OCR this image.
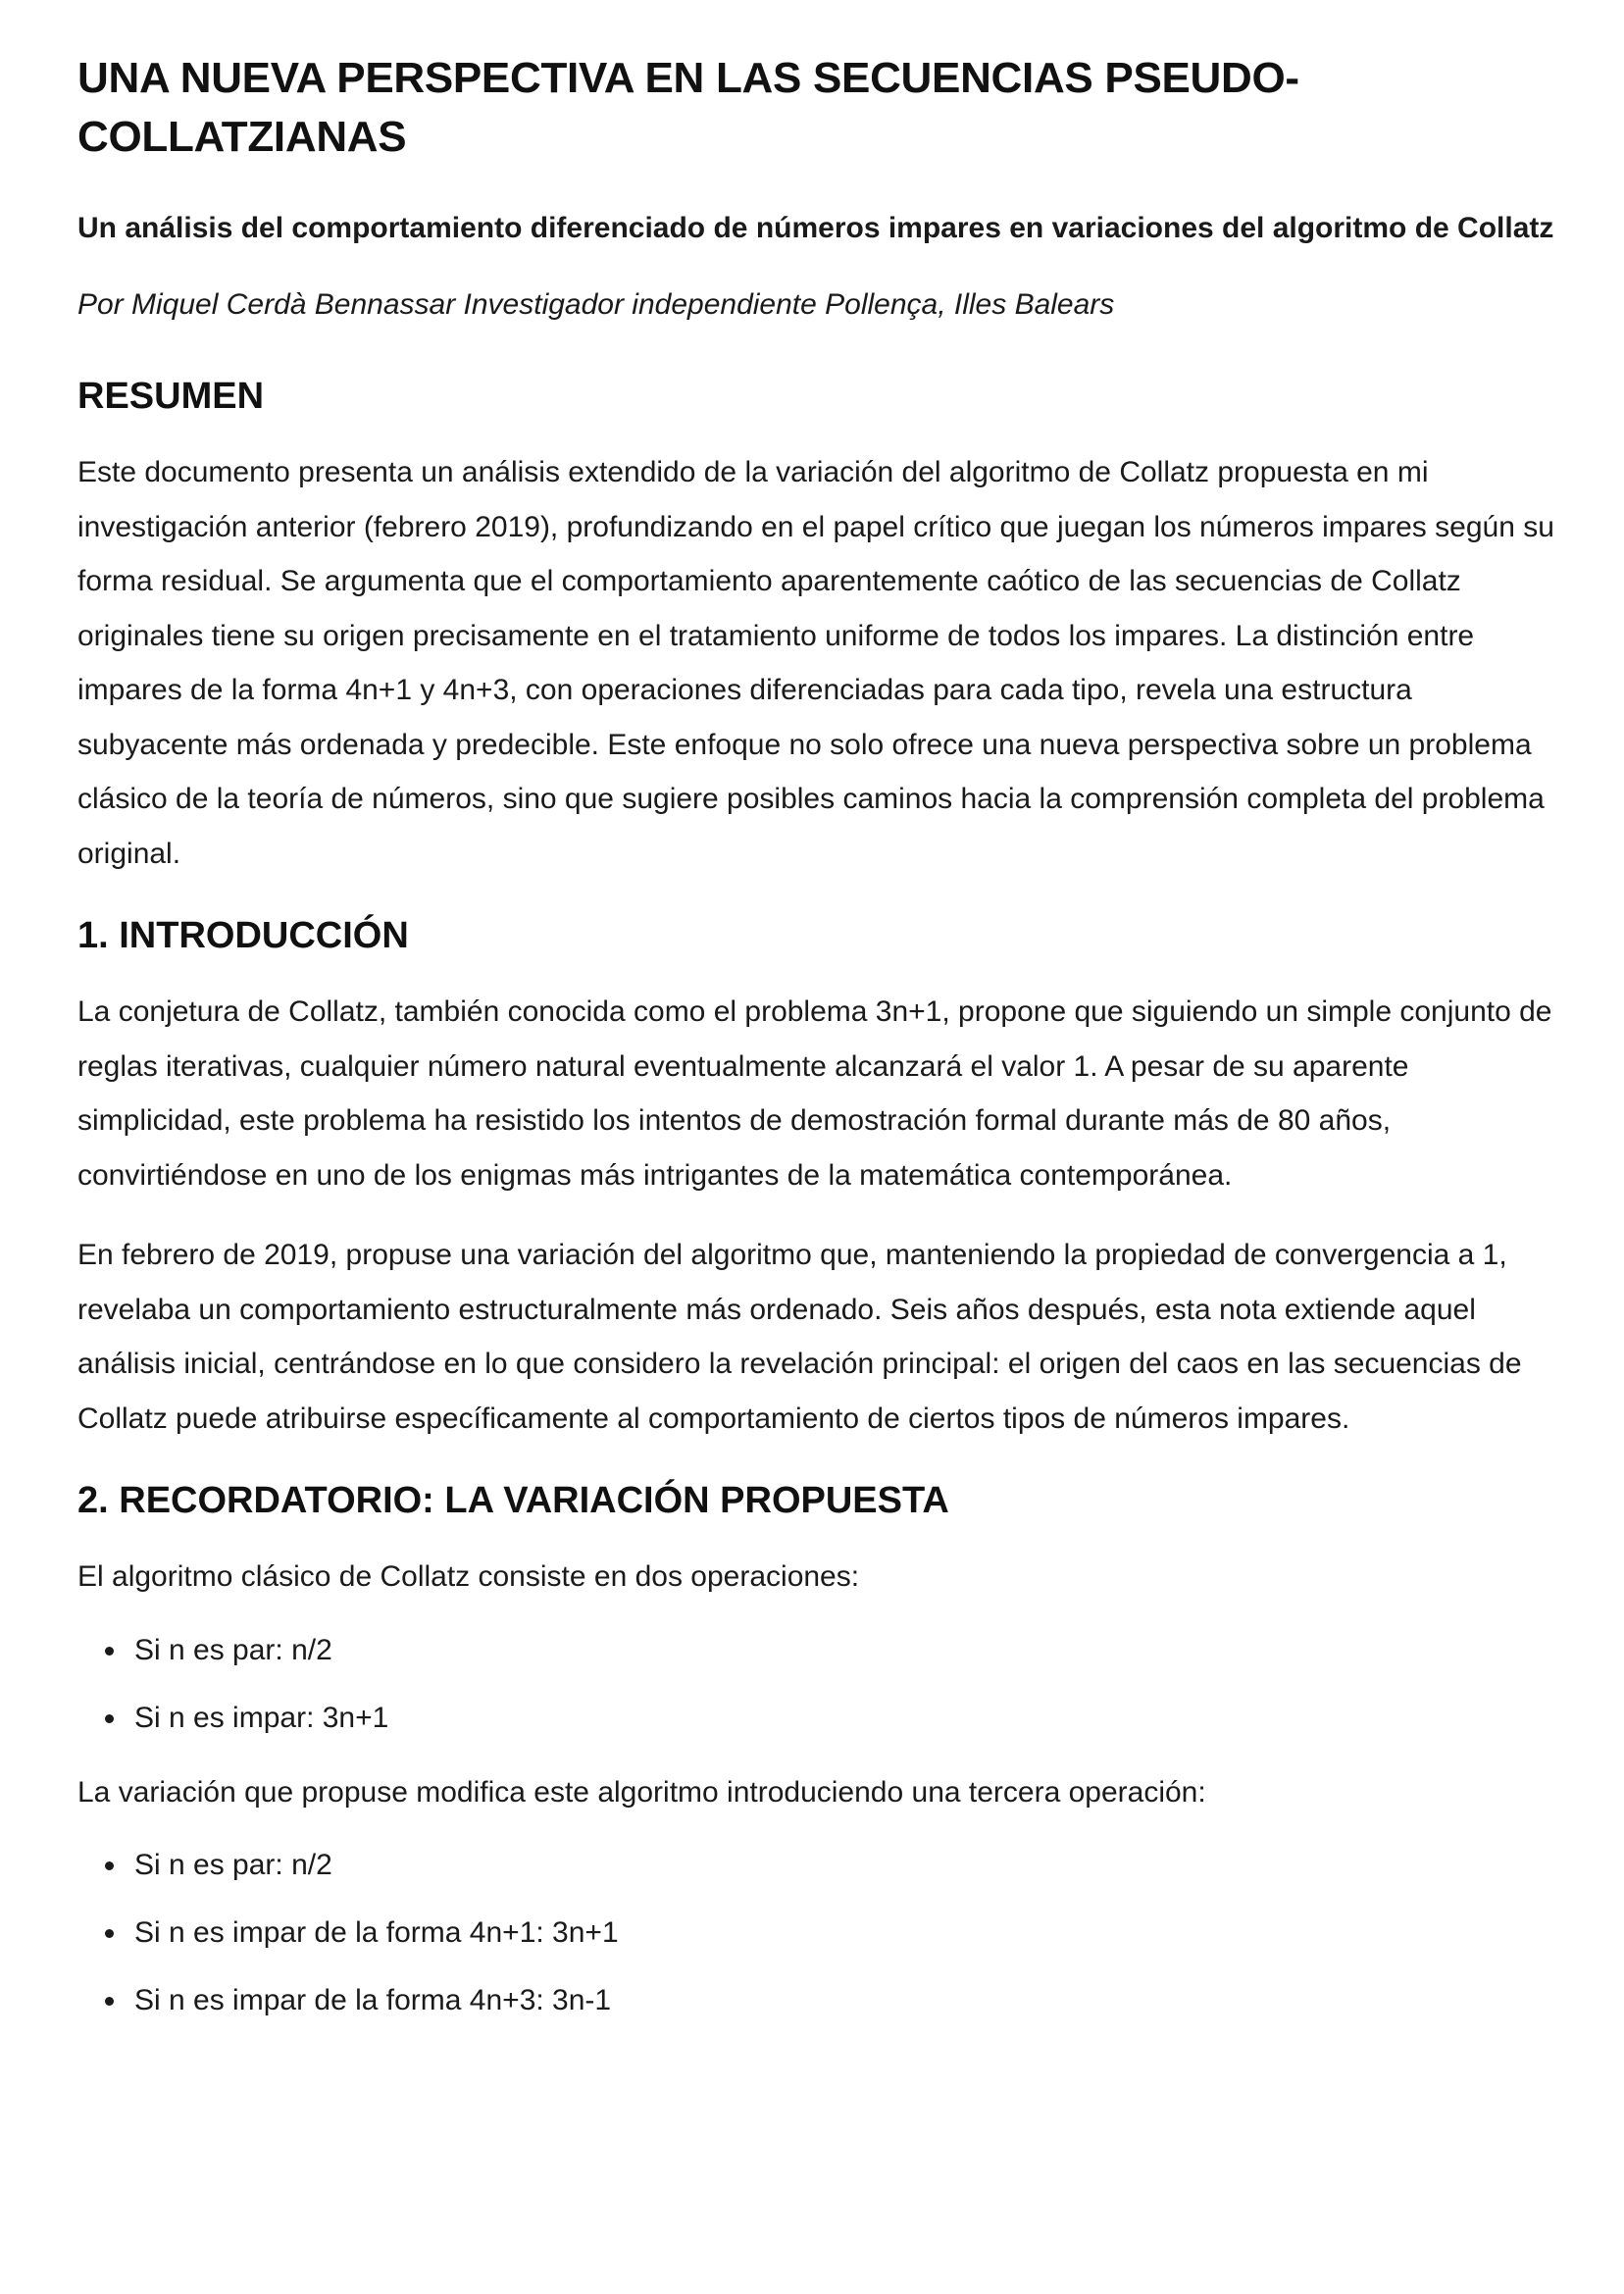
UNA NUEVA PERSPECTIVA EN LAS SECUENCIAS PSEUDO-COLLATZIANAS
Un análisis del comportamiento diferenciado de números impares en variaciones del algoritmo de Collatz
Por Miquel Cerdà Bennassar Investigador independiente Pollença, Illes Balears
RESUMEN

Este documento presenta un análisis extendido de la variación del algoritmo de Collatz propuesta en mi investigación anterior (febrero 2019), profundizando en el papel crítico que juegan los números impares según su forma residual. Se argumenta que el comportamiento aparentemente caótico de las secuencias de Collatz originales tiene su origen precisamente en el tratamiento uniforme de todos los impares. La distinción entre impares de la forma 4n+1 y 4n+3, con operaciones diferenciadas para cada tipo, revela una estructura subyacente más ordenada y predecible. Este enfoque no solo ofrece una nueva perspectiva sobre un problema clásico de la teoría de números, sino que sugiere posibles caminos hacia la comprensión completa del problema original.

1. INTRODUCCIÓN

La conjetura de Collatz, también conocida como el problema 3n+1, propone que siguiendo un simple conjunto de reglas iterativas, cualquier número natural eventualmente alcanzará el valor 1. A pesar de su aparente simplicidad, este problema ha resistido los intentos de demostración formal durante más de 80 años, convirtiéndose en uno de los enigmas más intrigantes de la matemática contemporánea.

En febrero de 2019, propuse una variación del algoritmo que, manteniendo la propiedad de convergencia a 1, revelaba un comportamiento estructuralmente más ordenado. Seis años después, esta nota extiende aquel análisis inicial, centrándose en lo que considero la revelación principal: el origen del caos en las secuencias de Collatz puede atribuirse específicamente al comportamiento de ciertos tipos de números impares.

2. RECORDATORIO: LA VARIACIÓN PROPUESTA

El algoritmo clásico de Collatz consiste en dos operaciones:

Si n es par: n/2
Si n es impar: 3n+1

La variación que propuse modifica este algoritmo introduciendo una tercera operación:

Si n es par: n/2
Si n es impar de la forma 4n+1: 3n+1
Si n es impar de la forma 4n+3: 3n-1
